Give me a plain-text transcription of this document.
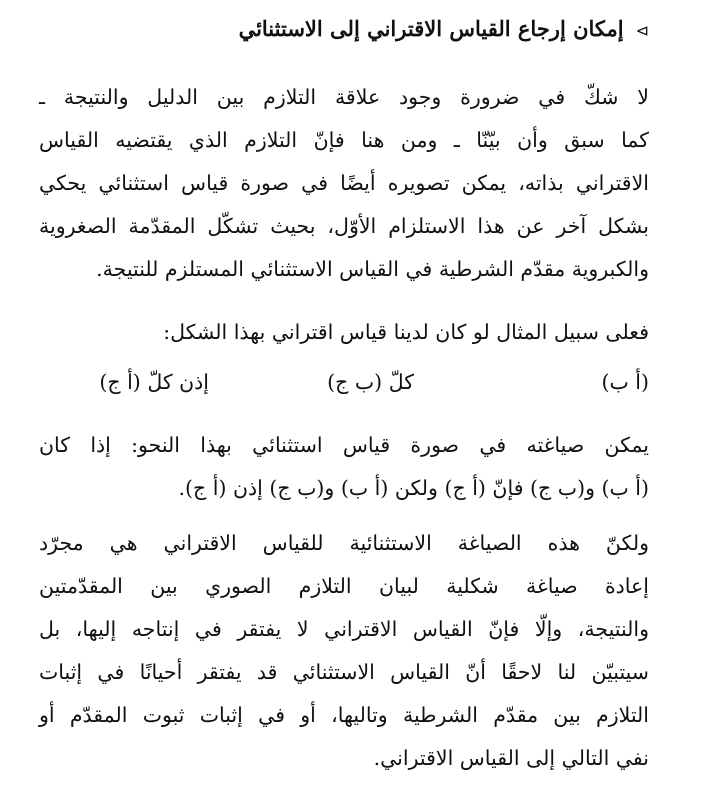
⊳إمكان إرجاع القياس الاقتراني إلى الاستثنائي
لا شكّ في ضرورة وجود علاقة التلازم بين الدليل والنتيجة ـ
كما سبق وأن بيّنّا ـ ومن هنا فإنّ التلازم الذي يقتضيه القياس
الاقتراني بذاته، يمكن تصويره أيضًا في صورة قياس استثنائي يحكي
بشكل آخر عن هذا الاستلزام الأوّل، بحيث تشكّل المقدّمة الصغروية
والكبروية مقدّم الشرطية في القياس الاستثنائي المستلزم للنتيجة.
فعلى سبيل المثال لو كان لدينا قياس اقتراني بهذا الشكل:
(أ ب)
كلّ (ب ج)
إذن كلّ (أ ج)
يمكن صياغته في صورة قياس استثنائي بهذا النحو: إذا كان
(أ ب) و(ب ج) فإنّ (أ ج) ولكن (أ ب) و(ب ج) إذن (أ ج).
ولكنّ هذه الصياغة الاستثنائية للقياس الاقتراني هي مجرّد
إعادة صياغة شكلية لبيان التلازم الصوري بين المقدّمتين
والنتيجة، وإلّا فإنّ القياس الاقتراني لا يفتقر في إنتاجه إليها، بل
سيتبيّن لنا لاحقًا أنّ القياس الاستثنائي قد يفتقر أحيانًا في إثبات
التلازم بين مقدّم الشرطية وتاليها، أو في إثبات ثبوت المقدّم أو
نفي التالي إلى القياس الاقتراني.
